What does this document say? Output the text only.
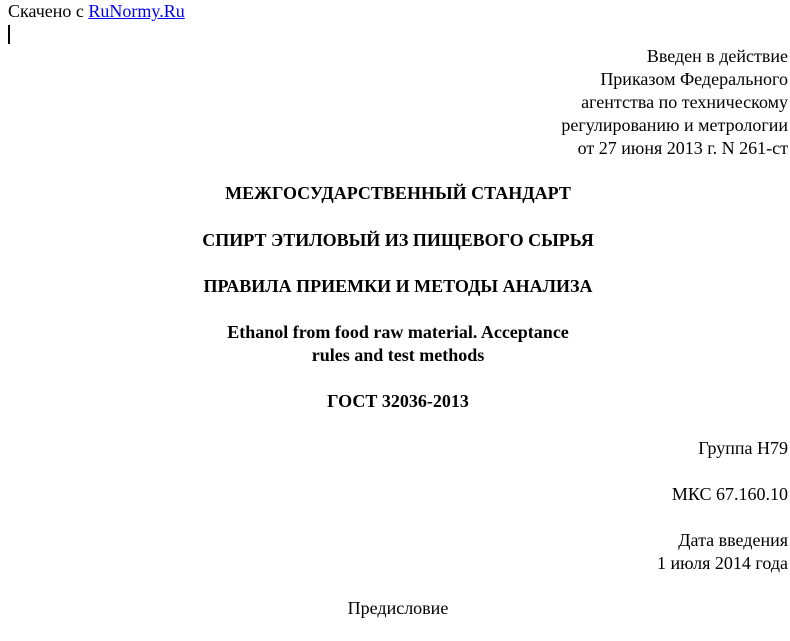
Скачено с RuNormy.Ru
Введен в действие
Приказом Федерального
агентства по техническому
регулированию и метрологии
от 27 июня 2013 г. N 261-ст
МЕЖГОСУДАРСТВЕННЫЙ СТАНДАРТ
СПИРТ ЭТИЛОВЫЙ ИЗ ПИЩЕВОГО СЫРЬЯ
ПРАВИЛА ПРИЕМКИ И МЕТОДЫ АНАЛИЗА
Ethanol from food raw material. Acceptance
rules and test methods
ГОСТ 32036-2013
Группа Н79
МКС 67.160.10
Дата введения
1 июля 2014 года
Предисловие
